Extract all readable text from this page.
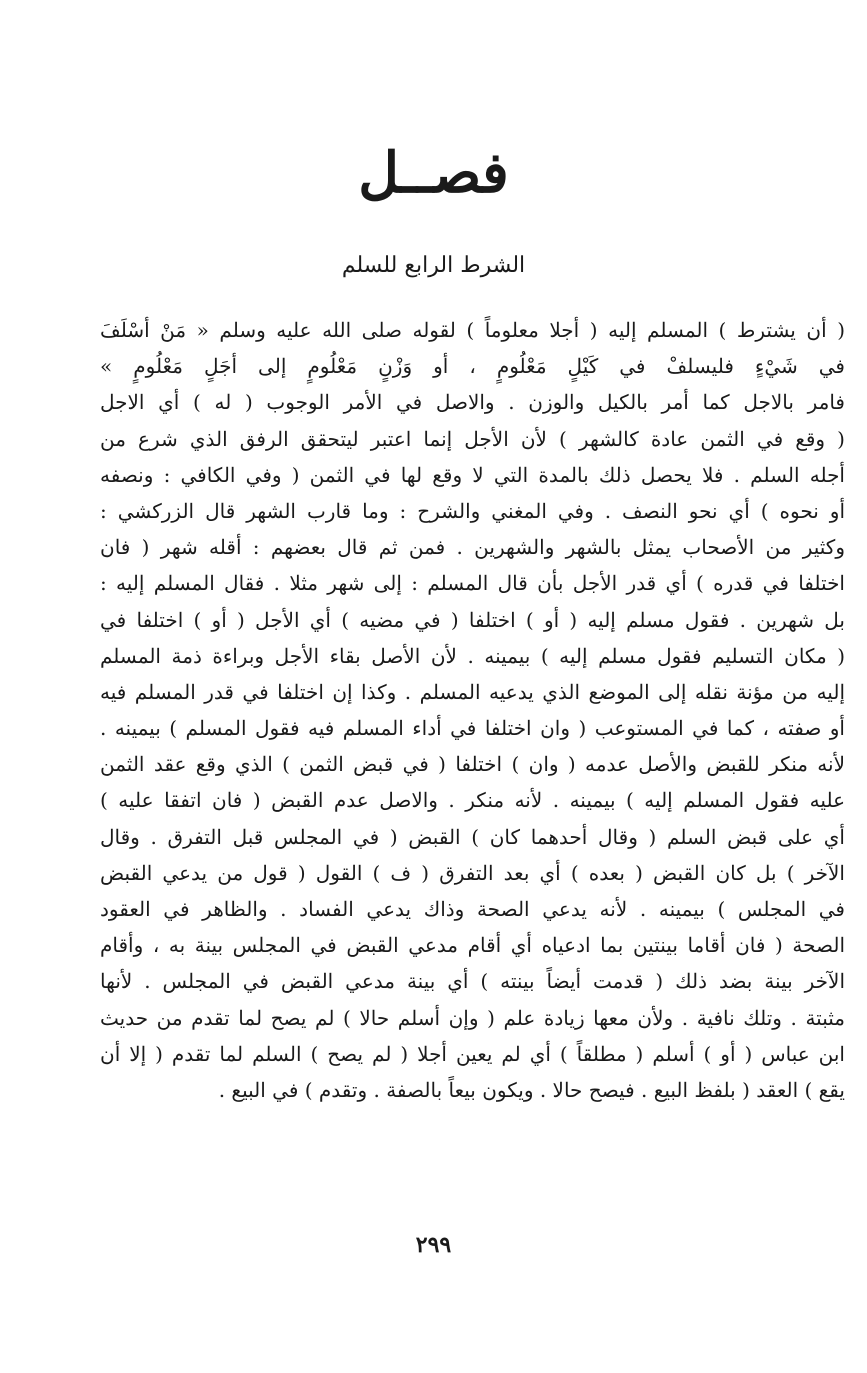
فصــل
الشرط الرابع للسلم
( أن يشترط ) المسلم إليه ( أجلا معلوماً ) لقوله صلى الله عليه وسلم « مَنْ أسْلَفَ
في شَيْءٍ فليسلفْ في كَيْلٍ مَعْلُومٍ ، أو وَزْنٍ مَعْلُومٍ إلى أجَلٍ مَعْلُومٍ »
فامر بالاجل كما أمر بالكيل والوزن . والاصل في الأمر الوجوب ( له ) أي الاجل
( وقع في الثمن عادة كالشهر ) لأن الأجل إنما اعتبر ليتحقق الرفق الذي شرع من
أجله السلم . فلا يحصل ذلك بالمدة التي لا وقع لها في الثمن ( وفي الكافي : ونصفه
أو نحوه ) أي نحو النصف . وفي المغني والشرح : وما قارب الشهر قال الزركشي :
وكثير من الأصحاب يمثل بالشهر والشهرين . فمن ثم قال بعضهم : أقله شهر ( فان
اختلفا في قدره ) أي قدر الأجل بأن قال المسلم : إلى شهر مثلا . فقال المسلم إليه :
بل شهرين . فقول مسلم إليه ( أو ) اختلفا ( في مضيه ) أي الأجل ( أو ) اختلفا في
( مكان التسليم فقول مسلم إليه ) بيمينه . لأن الأصل بقاء الأجل وبراءة ذمة المسلم
إليه من مؤنة نقله إلى الموضع الذي يدعيه المسلم . وكذا إن اختلفا في قدر المسلم فيه
أو صفته ، كما في المستوعب ( وان اختلفا في أداء المسلم فيه فقول المسلم ) بيمينه .
لأنه منكر للقبض والأصل عدمه ( وان ) اختلفا ( في قبض الثمن ) الذي وقع عقد الثمن
عليه فقول المسلم إليه ) بيمينه . لأنه منكر . والاصل عدم القبض ( فان اتفقا عليه )
أي على قبض السلم ( وقال أحدهما كان ) القبض ( في المجلس قبل التفرق . وقال
الآخر ) بل كان القبض ( بعده ) أي بعد التفرق ( ف ) القول ( قول من يدعي القبض
في المجلس ) بيمينه . لأنه يدعي الصحة وذاك يدعي الفساد . والظاهر في العقود
الصحة ( فان أقاما بينتين بما ادعياه أي أقام مدعي القبض في المجلس بينة به ، وأقام
الآخر بينة بضد ذلك ( قدمت أيضاً بينته ) أي بينة مدعي القبض في المجلس . لأنها
مثبتة . وتلك نافية . ولأن معها زيادة علم ( وإن أسلم حالا ) لم يصح لما تقدم من حديث
ابن عباس ( أو ) أسلم ( مطلقاً ) أي لم يعين أجلا ( لم يصح ) السلم لما تقدم ( إلا أن
يقع ) العقد ( بلفظ البيع . فيصح حالا . ويكون بيعاً بالصفة . وتقدم ) في البيع .
٢٩٩
